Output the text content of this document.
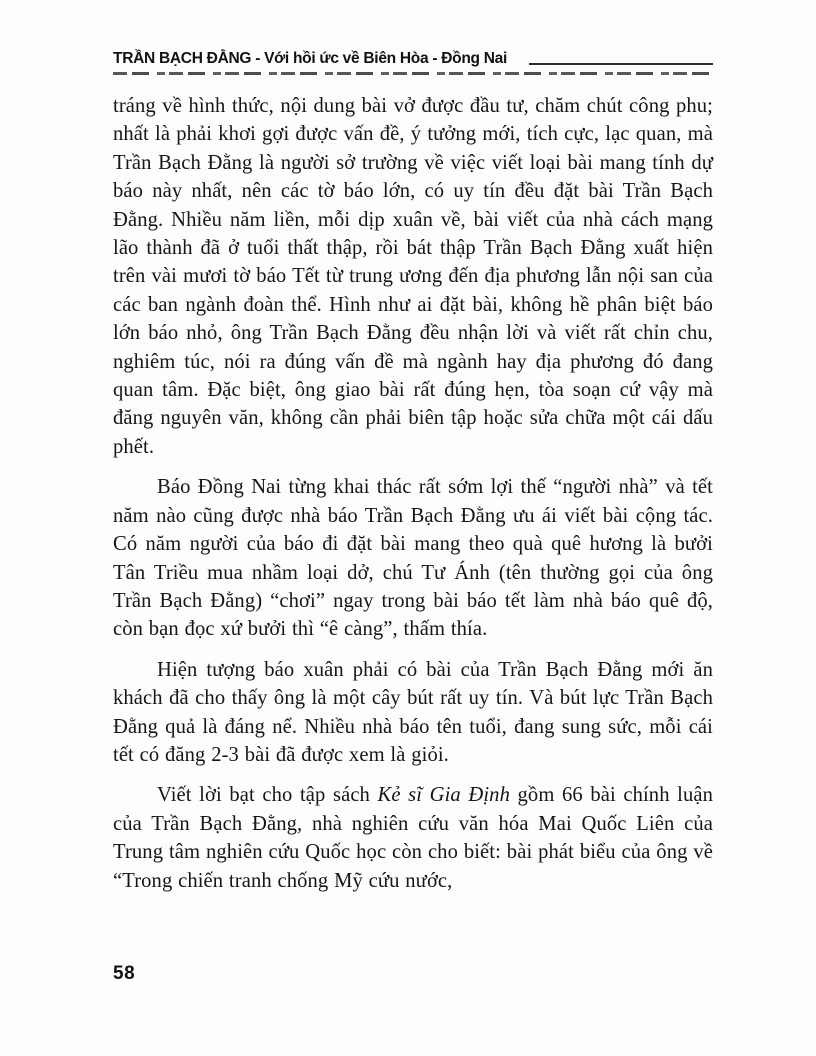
TRẦN BẠCH ĐẰNG - Với hồi ức về Biên Hòa - Đồng Nai

tráng về hình thức, nội dung bài vở được đầu tư, chăm chút công phu; nhất là phải khơi gợi được vấn đề, ý tưởng mới, tích cực, lạc quan, mà Trần Bạch Đằng là người sở trường về việc viết loại bài mang tính dự báo này nhất, nên các tờ báo lớn, có uy tín đều đặt bài Trần Bạch Đằng. Nhiều năm liền, mỗi dịp xuân về, bài viết của nhà cách mạng lão thành đã ở tuổi thất thập, rồi bát thập Trần Bạch Đằng xuất hiện trên vài mươi tờ báo Tết từ trung ương đến địa phương lẫn nội san của các ban ngành đoàn thể. Hình như ai đặt bài, không hề phân biệt báo lớn báo nhỏ, ông Trần Bạch Đằng đều nhận lời và viết rất chỉn chu, nghiêm túc, nói ra đúng vấn đề mà ngành hay địa phương đó đang quan tâm. Đặc biệt, ông giao bài rất đúng hẹn, tòa soạn cứ vậy mà đăng nguyên văn, không cần phải biên tập hoặc sửa chữa một cái dấu phết.

Báo Đồng Nai từng khai thác rất sớm lợi thế “người nhà” và tết năm nào cũng được nhà báo Trần Bạch Đằng ưu ái viết bài cộng tác. Có năm người của báo đi đặt bài mang theo quà quê hương là bưởi Tân Triều mua nhầm loại dở, chú Tư Ánh (tên thường gọi của ông Trần Bạch Đằng) “chơi” ngay trong bài báo tết làm nhà báo quê độ, còn bạn đọc xứ bưởi thì “ê càng”, thấm thía.

Hiện tượng báo xuân phải có bài của Trần Bạch Đằng mới ăn khách đã cho thấy ông là một cây bút rất uy tín. Và bút lực Trần Bạch Đằng quả là đáng nể. Nhiều nhà báo tên tuổi, đang sung sức, mỗi cái tết có đăng 2-3 bài đã được xem là giỏi.

Viết lời bạt cho tập sách Kẻ sĩ Gia Định gồm 66 bài chính luận của Trần Bạch Đằng, nhà nghiên cứu văn hóa Mai Quốc Liên của Trung tâm nghiên cứu Quốc học còn cho biết: bài phát biểu của ông về “Trong chiến tranh chống Mỹ cứu nước,

58
